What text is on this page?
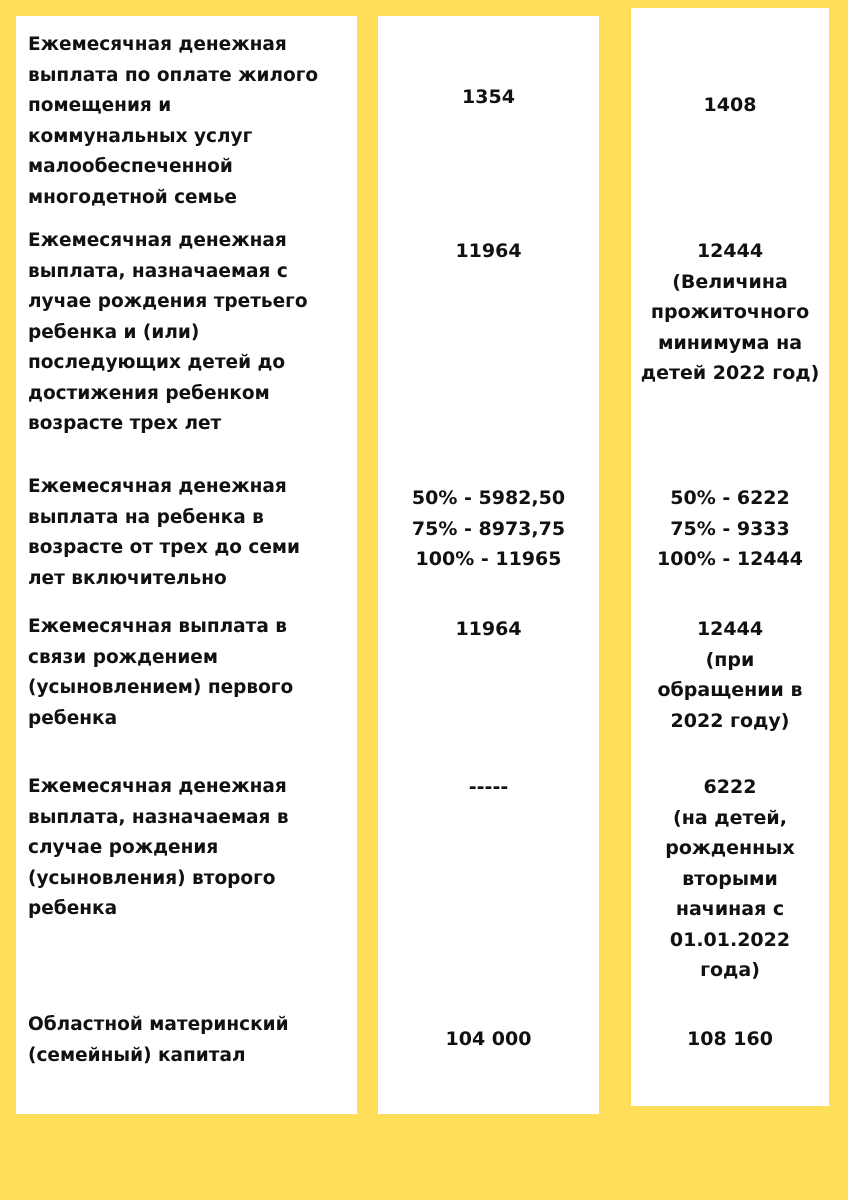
Ежемесячная денежная
выплата по оплате жилого
помещения и
коммунальных услуг
малообеспеченной
многодетной семье
Ежемесячная денежная
выплата, назначаемая с
лучае рождения третьего
ребенка и (или)
последующих детей до
достижения ребенком
возрасте трех лет
Ежемесячная денежная
выплата на ребенка в
возрасте от трех до семи
лет включительно
Ежемесячная выплата в
связи рождением
(усыновлением) первого
ребенка
Ежемесячная денежная
выплата, назначаемая в
случае рождения
(усыновления) второго
ребенка
Областной материнский
(семейный) капитал
1354
11964
50% - 5982,50
75% - 8973,75
100% - 11965
11964
-----
104 000
1408
12444
(Величина
прожиточного
минимума на
детей 2022 год)
50% - 6222
75% - 9333
100% - 12444
12444
(при
обращении в
2022 году)
6222
(на детей,
рожденных
вторыми
начиная с
01.01.2022
года)
108 160
